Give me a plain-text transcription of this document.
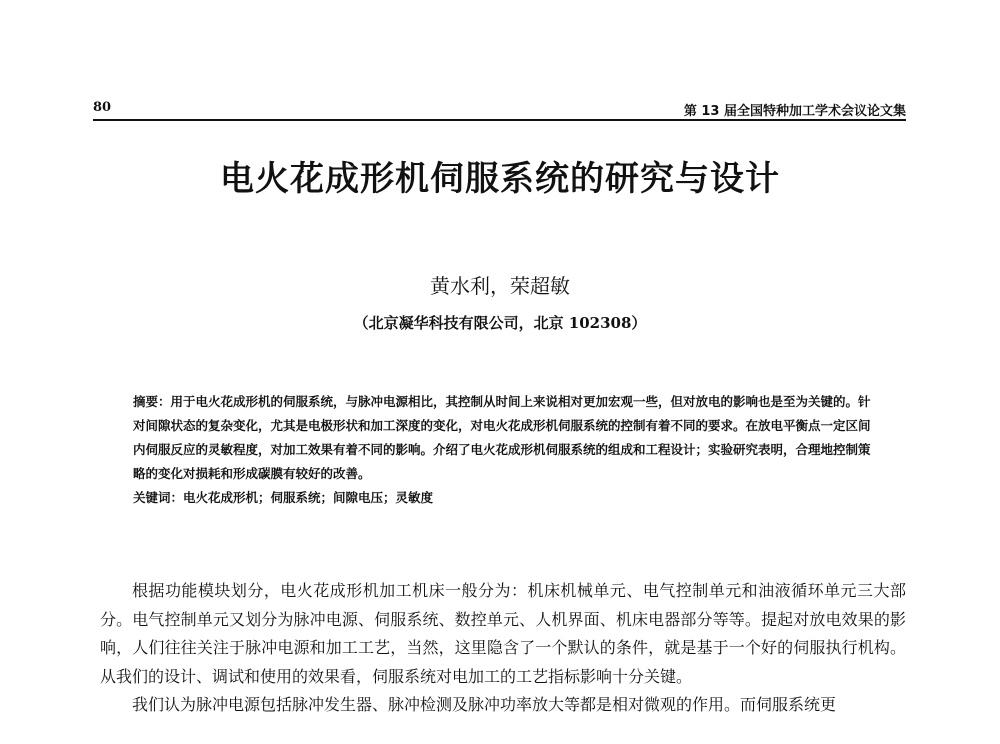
80	第 13 届全国特种加工学术会议论文集
电火花成形机伺服系统的研究与设计
黄水利，荣超敏
（北京凝华科技有限公司，北京 102308）

摘要：用于电火花成形机的伺服系统，与脉冲电源相比，其控制从时间上来说相对更加宏观一些，但对放电的影响也是至为关键的。针对间隙状态的复杂变化，尤其是电极形状和加工深度的变化，对电火花成形机伺服系统的控制有着不同的要求。在放电平衡点一定区间内伺服反应的灵敏程度，对加工效果有着不同的影响。介绍了电火花成形机伺服系统的组成和工程设计；实验研究表明，合理地控制策略的变化对损耗和形成碳膜有较好的改善。

关键词：电火花成形机；伺服系统；间隙电压；灵敏度

根据功能模块划分，电火花成形机加工机床一般分为：机床机械单元、电气控制单元和油液循环单元三大部分。电气控制单元又划分为脉冲电源、伺服系统、数控单元、人机界面、机床电器部分等等。提起对放电效果的影响，人们往往关注于脉冲电源和加工工艺，当然，这里隐含了一个默认的条件，就是基于一个好的伺服执行机构。从我们的设计、调试和使用的效果看，伺服系统对电加工的工艺指标影响十分关键。

我们认为脉冲电源包括脉冲发生器、脉冲检测及脉冲功率放大等都是相对微观的作用。而伺服系统更
